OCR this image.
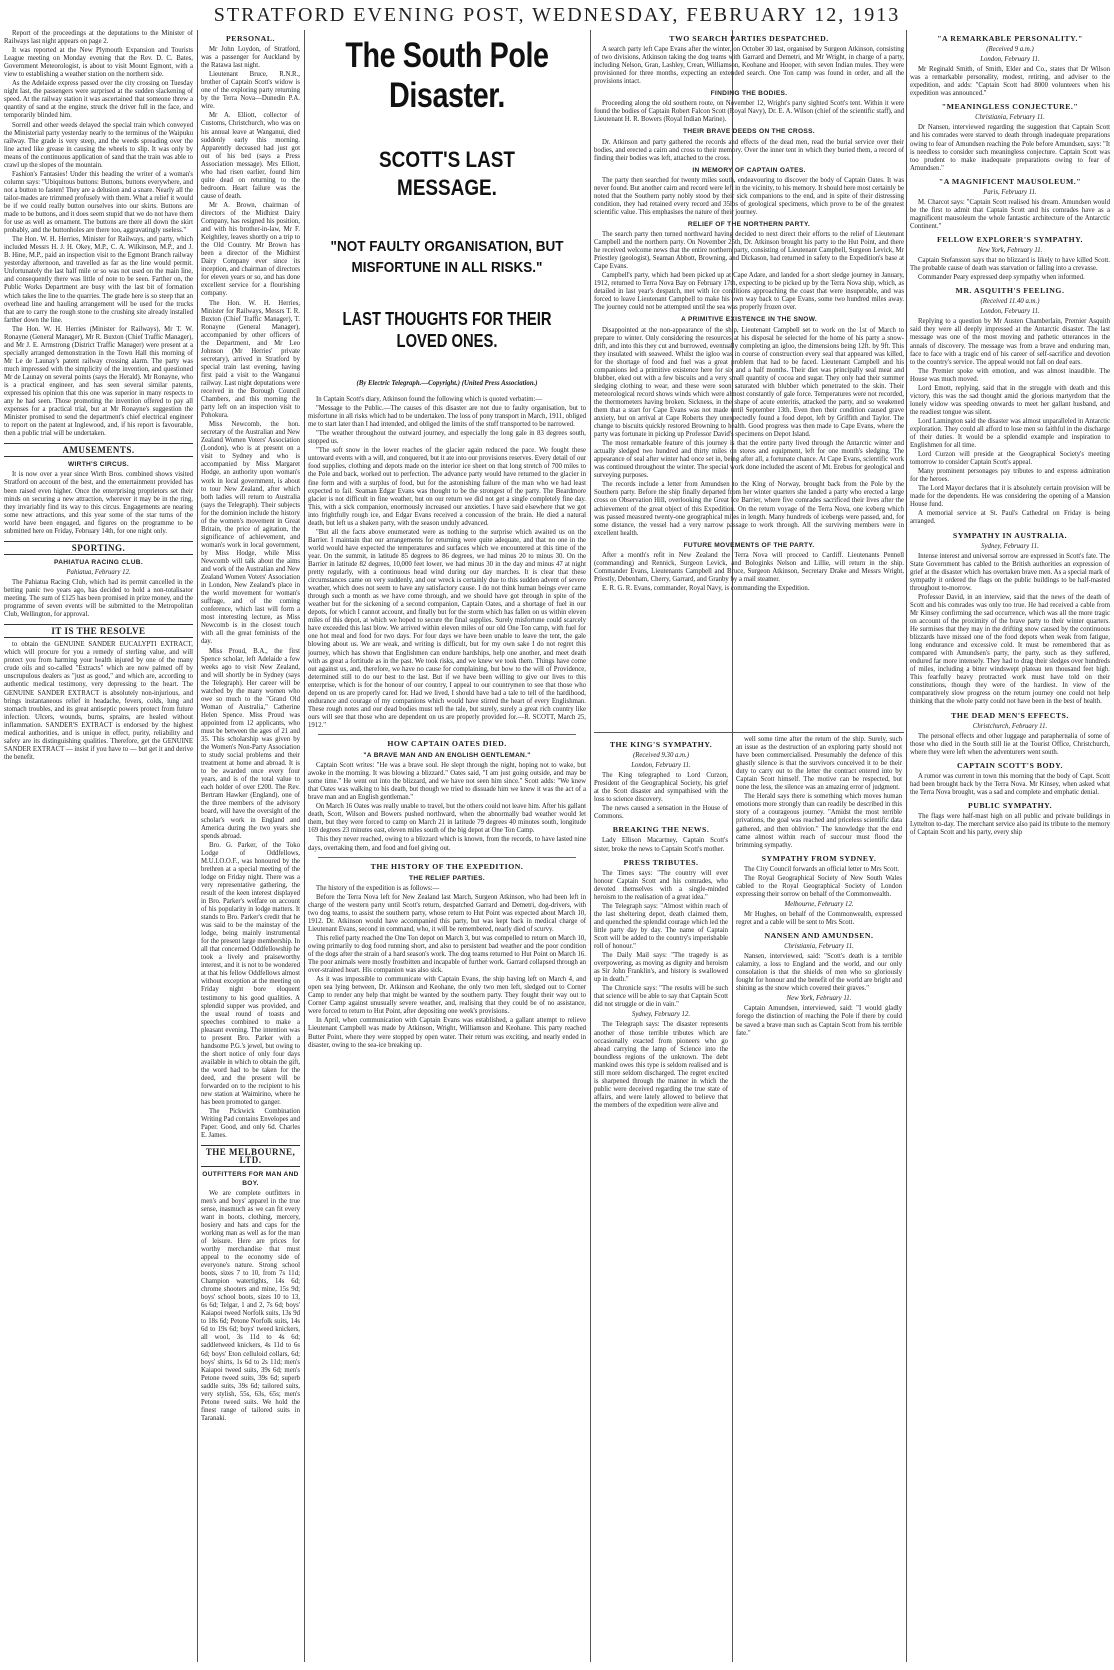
STRATFORD EVENING POST, WEDNESDAY, FEBRUARY 12, 1913

Report of the proceedings at the deputations to the Minister of Railways last night appears on page 2.

It was reported at the New Plymouth Expansion and Tourists League meeting on Monday evening that the Rev. D. C. Bates, Government Meteorologist, is about to visit Mount Egmont, with a view to establishing a weather station on the northern side.

As the Adelaide express passed over the city crossing on Tuesday night last, the passengers were surprised at the sudden slackening of speed. At the railway station it was ascertained that someone threw a quantity of sand at the engine, struck the driver full in the face, and temporarily blinded him.

Sorrell and other weeds delayed the special train which conveyed the Ministerial party yesterday nearly to the terminus of the Waipuku railway. The grade is very steep, and the weeds spreading over the line acted like grease in causing the wheels to slip. It was only by means of the continuous application of sand that the train was able to crawl up the slopes of the mountain.

Fashion's Fantasies! Under this heading the writer of a woman's column says: "Ubiquitous buttons: Buttons, buttons everywhere, and not a button to fasten! They are a delusion and a snare. Nearly all the tailor-mades are trimmed profusely with them. What a relief it would be if we could really button ourselves into our skirts. Buttons are made to be buttons, and it does seem stupid that we do not have them for use as well as ornament. The buttons are there all down the skirt probably, and the buttonholes are there too, aggravatingly useless."

The Hon. W. H. Herries, Minister for Railways, and party, which included Messrs H. J. H. Okey, M.P., C. A. Wilkinson, M.P., and J. B. Hine, M.P., paid an inspection visit to the Egmont Branch railway yesterday afternoon, and travelled as far as the line would permit. Unfortunately the last half mile or so was not used on the main line, and consequently there was little of note to be seen. Farther on, the Public Works Department are busy with the last bit of formation which takes the line to the quarries. The grade here is so steep that an overhead line and hauling arrangement will be used for the trucks that are to carry the rough stone to the crushing site already installed farther down the line.

The Hon. W. H. Herries (Minister for Railways), Mr T. W. Ronayne (General Manager), Mr R. Buxton (Chief Traffic Manager), and Mr J. E. Armstrong (District Traffic Manager) were present at a specially arranged demonstration in the Town Hall this morning of Mr Le de Launay's patent railway crossing alarm. The party was much impressed with the simplicity of the invention, and questioned Mr de Launay on several points (says the Herald). Mr Ronayne, who is a practical engineer, and has seen several similar patents, expressed his opinion that this one was superior in many respects to any he had seen. Those promoting the invention offered to pay all expenses for a practical trial, but at Mr Ronayne's suggestion the Minister promised to send the department's chief electrical engineer to report on the patent at Inglewood, and, if his report is favourable, then a public trial will be undertaken.

AMUSEMENTS.
WIRTH'S CIRCUS.

It is now over a year since Wirth Bros. combined shows visited Stratford on account of the best, and the entertainment provided has been raised even higher. Once the enterprising proprietors set their minds on securing a new attraction, wherever it may be in the ring, they invariably find its way to this circus. Engagements are nearing some new attractions, and this year some of the star turns of the world have been engaged, and figures on the programme to be submitted here on Friday, February 14th, for one night only.

SPORTING.
PAHIATUA RACING CLUB.
Pahiatua, February 12.

The Pahiatua Racing Club, which had its permit cancelled in the betting panic two years ago, has decided to hold a non-totalisator meeting. The sum of £125 has been promised in prize money, and the programme of seven events will be submitted to the Metropolitan Club, Wellington, for approval.

IT IS THE RESOLVE

to obtain the GENUINE SANDER EUCALYPTI EXTRACT, which will procure for you a remedy of sterling value, and will protect you from harming your health injured by one of the many crude oils and so-called "Extracts" which are now palmed off by unscrupulous dealers as "just as good," and which are, according to authentic medical testimony, very depressing to the heart. The GENUINE SANDER EXTRACT is absolutely non-injurious, and brings instantaneous relief in headache, fevers, colds, lung and stomach troubles, and its great antiseptic powers protect from future infection. Ulcers, wounds, burns, sprains, are healed without inflammation. SANDER'S EXTRACT is endorsed by the highest medical authorities, and is unique in effect, purity, reliability and safety are its distinguishing qualities. Therefore, get the GENUINE SANDER EXTRACT — insist if you have to — but get it and derive the benefit.

PERSONAL.

Mr John Loydon, of Stratford, was a passenger for Auckland by the Ratawa last night.

Lieutenant Bruce, R.N.R., brother of Captain Scott's widow is one of the exploring party returning by the Terra Nova—Dunedin P.A. wire.

Mr A. Elliott, collector of Customs, Christchurch, who was on his annual leave at Wanganui, died suddenly early this morning. Apparently deceased had just got out of his bed (says a Press Association message). Mrs Elliott, who had risen earlier, found him quite dead on returning to the bedroom. Heart failure was the cause of death.

Mr A. Brown, chairman of directors of the Midhirst Dairy Company, has resigned his position, and with his brother-in-law, Mr F. Keightley, leaves shortly on a trip to the Old Country. Mr Brown has been a director of the Midhirst Dairy Company ever since its inception, and chairman of directors for eleven years or so, and has done excellent service for a flourishing company.

The Hon. W. H. Herries, Minister for Railways, Messrs T. R. Buxton (Chief Traffic Manager), T. Ronayne (General Manager), accompanied by other officers of the Department, and Mr Leo Johnson (Mr Herries' private secretary), arrived in Stratford by special train last evening, having first paid a visit to the Wanganui railway. Last night deputations were received in the Borough Council Chambers, and this morning the party left on an inspection visit to Pohokura.

Miss Newcomb, the hon. secretary of the Australian and New Zealand Women Voters' Association (London), who is at present on a visit to Sydney and who is accompanied by Miss Margaret Hodge, an authority upon woman's work in local government, is about to tour New Zealand, after which both ladies will return to Australia (says the Telegraph). Their subjects for the dominion include the history of the women's movement in Great Britain, the price of agitation, the significance of achievement, and woman's work in local government, by Miss Hodge, while Miss Newcomb will talk about the aims and work of the Australian and New Zealand Women Voters' Association in London, New Zealand's place in the world movement for woman's suffrage, and of the coming conference, which last will form a most interesting lecture, as Miss Newcomb is in the closest touch with all the great feminists of the day.

Miss Proud, B.A., the first Spence scholar, left Adelaide a few weeks ago to visit New Zealand, and will shortly be in Sydney (says the Telegraph). Her career will be watched by the many women who owe so much to the "Grand Old Woman of Australia," Catherine Helen Spence. Miss Proud was appointed from 12 applicants, who must be between the ages of 21 and 35. This scholarship was given by the Women's Non-Party Association to study social problems and their treatment at home and abroad. It is to be awarded once every four years, and is of the total value to each holder of over £200. The Rev. Bertram Hawker (England), one of the three members of the advisory board, will have the oversight of the scholar's work in England and America during the two years she spends abroad.

Bro. G. Parker, of the Toko Lodge of Oddfellows, M.U.I.O.O.F., was honoured by the brethren at a special meeting of the lodge on Friday night. There was a very representative gathering, the result of the keen interest displayed in Bro. Parker's welfare on account of his popularity in lodge matters. It stands to Bro. Parker's credit that he was said to be the mainstay of the lodge, being mainly instrumental for the present large membership. In all that concerned Oddfellowship he took a lively and praiseworthy interest, and it is not to be wondered at that his fellow Oddfellows almost without exception at the meeting on Friday night bore eloquent testimony to his good qualities. A splendid supper was provided, and the usual round of toasts and speeches combined to make a pleasant evening. The intention was to present Bro. Parker with a handsome P.G.'s jewel, but owing to the short notice of only four days available in which to obtain the gift, the word had to be taken for the deed, and the present will be forwarded on to the recipient to his new station at Waimirino, where he has been promoted to ganger.

The Pickwick Combination Writing Pad contains Envelopes and Paper. Good, and only 6d. Charles E. James.

THE MELBOURNE, LTD.
OUTFITTERS FOR MAN AND BOY.

We are complete outfitters in men's and boys' apparel in the true sense, inasmuch as we can fit every want in boots, clothing, mercery, hosiery and hats and caps for the working man as well as for the man of leisure. Here are prices for worthy merchandise that must appeal to the economy side of everyone's nature. Strong school boots, sizes 7 to 10, from 7s 11d; Champion watertights, 14s 6d; chrome shooters and mine, 15s 9d; boys' school boots, sizes 10 to 13, 6s 6d; Telgar, 1 and 2, 7s 6d; boys' Kaiapoi tweed Norfolk suits, 13s 9d to 18s 6d; Petone Norfolk suits, 14s 6d to 19s 6d; boys' tweed knickers, all wool, 3s 11d to 4s 6d; saddletweed knickers, 4s 11d to 6s 6d; boys' Eton celluloid collars, 6d; boys' shirts, 1s 6d to 2s 11d; men's Kaiapoi tweed suits, 39s 6d; men's Petone tweed suits, 39s 6d; superb saddle suits, 39s 6d; tailored suits, very stylish, 55s, 63s, 65s; men's Petone tweed suits. We hold the finest range of tailored suits in Taranaki.

The South Pole Disaster.
SCOTT'S LAST MESSAGE.
"NOT FAULTY ORGANISATION, BUT MISFORTUNE IN ALL RISKS."
LAST THOUGHTS FOR THEIR LOVED ONES.
(By Electric Telegraph.—Copyright.) (United Press Association.)

In Captain Scott's diary, Atkinson found the following which is quoted verbatim:—

"Message to the Public.—The causes of this disaster are not due to faulty organisation, but to misfortune in all risks which had to be undertaken. The loss of pony transport in March, 1911, obliged me to start later than I had intended, and obliged the limits of the stuff transported to be narrowed.

"The weather throughout the outward journey, and especially the long gale in 83 degrees south, stopped us.

"The soft snow in the lower reaches of the glacier again reduced the pace. We fought these untoward events with a will, and conquered, but it ate into our provisions reserves. Every detail of our food supplies, clothing and depots made on the interior ice sheet on that long stretch of 700 miles to the Pole and back, worked out to perfection. The advance party would have returned to the glacier in fine form and with a surplus of food, but for the astonishing failure of the man who we had least expected to fail. Seaman Edgar Evans was thought to be the strongest of the party. The Beardmore glacier is not difficult in fine weather, but on our return we did not get a single completely fine day. This, with a sick companion, enormously increased our anxieties. I have said elsewhere that we got into frightfully rough ice, and Edgar Evans received a concussion of the brain. He died a natural death, but left us a shaken party, with the season unduly advanced.

"But all the facts above enumerated were as nothing to the surprise which awaited us on the Barrier. I maintain that our arrangements for returning were quite adequate, and that no one in the world would have expected the temperatures and surfaces which we encountered at this time of the year. On the summit, in latitude 85 degrees to 86 degrees, we had minus 20 to minus 30. On the Barrier in latitude 82 degrees, 10,000 feet lower, we had minus 30 in the day and minus 47 at night pretty regularly, with a continuous head wind during our day marches. It is clear that these circumstances came on very suddenly, and our wreck is certainly due to this sudden advent of severe weather, which does not seem to have any satisfactory cause. I do not think human beings ever came through such a month as we have come through, and we should have got through in spite of the weather but for the sickening of a second companion, Captain Oates, and a shortage of fuel in our depots, for which I cannot account, and finally but for the storm which has fallen on us within eleven miles of this depot, at which we hoped to secure the final supplies. Surely misfortune could scarcely have exceeded this last blow. We arrived within eleven miles of our old One Ton camp, with fuel for one hot meal and food for two days. For four days we have been unable to leave the tent, the gale blowing about us. We are weak, and writing is difficult, but for my own sake I do not regret this journey, which has shown that Englishmen can endure hardships, help one another, and meet death with as great a fortitude as in the past. We took risks, and we knew we took them. Things have come out against us, and, therefore, we have no cause for complaining, but bow to the will of Providence, determined still to do our best to the last. But if we have been willing to give our lives to this enterprise, which is for the honour of our country, I appeal to our countrymen to see that those who depend on us are properly cared for. Had we lived, I should have had a tale to tell of the hardihood, endurance and courage of my companions which would have stirred the heart of every Englishman. These rough notes and our dead bodies must tell the tale, but surely, surely a great rich country like ours will see that those who are dependent on us are properly provided for.—R. SCOTT, March 25, 1912."

HOW CAPTAIN OATES DIED.
"A BRAVE MAN AND AN ENGLISH GENTLEMAN."

Captain Scott writes: "He was a brave soul. He slept through the night, hoping not to wake, but awoke in the morning. It was blowing a blizzard." Oates said, "I am just going outside, and may be some time." He went out into the blizzard, and we have not seen him since." Scott adds: "We knew that Oates was walking to his death, but though we tried to dissuade him we knew it was the act of a brave man and an English gentleman."

On March 16 Oates was really unable to travel, but the others could not leave him. After his gallant death, Scott, Wilson and Bowers pushed northward, when the abnormally bad weather would let them, but they were forced to camp on March 21 in latitude 79 degrees 40 minutes south, longitude 169 degrees 23 minutes east, eleven miles south of the big depot at One Ton Camp.

This they never reached, owing to a blizzard which is known, from the records, to have lasted nine days, overtaking them, and food and fuel giving out.

THE HISTORY OF THE EXPEDITION.
THE RELIEF PARTIES.

The history of the expedition is as follows:—

Before the Terra Nova left for New Zealand last March, Surgeon Atkinson, who had been left in charge of the western party until Scott's return, despatched Garrard and Demetri, dog-drivers, with two dog teams, to assist the southern party, whose return to Hut Point was expected about March 10, 1912. Dr. Atkinson would have accompanied this party, but was kept back in medical charge of Lieutenant Evans, second in command, who, it will be remembered, nearly died of scurvy.

This relief party reached the One Ton depot on March 3, but was compelled to return on March 10, owing primarily to dog food running short, and also to persistent bad weather and the poor condition of the dogs after the strain of a hard season's work. The dog teams returned to Hut Point on March 16. The poor animals were mostly frostbitten and incapable of further work. Garrard collapsed through an over-strained heart. His companion was also sick.

As it was impossible to communicate with Captain Evans, the ship having left on March 4, and open sea lying between, Dr. Atkinson and Keohane, the only two men left, sledged out to Corner Camp to render any help that might be wanted by the southern party. They fought their way out to Corner Camp against unusually severe weather, and, realising that they could be of no assistance, were forced to return to Hut Point, after depositing one week's provisions.

In April, when communication with Captain Evans was established, a gallant attempt to relieve Lieutenant Campbell was made by Atkinson, Wright, Williamson and Keohane. This party reached Butter Point, where they were stopped by open water. Their return was exciting, and nearly ended in disaster, owing to the sea-ice breaking up.

TWO SEARCH PARTIES DESPATCHED.

A search party left Cape Evans after the winter, on October 30 last, organised by Surgeon Atkinson, consisting of two divisions, Atkinson taking the dog teams with Garrard and Demetri, and Mr Wright, in charge of a party, including Nelson, Gran, Lashley, Crean, Williamson, Keohane and Hooper, with seven Indian mules. They were provisioned for three months, expecting an extended search. One Ton camp was found in order, and all the provisions intact.

FINDING THE BODIES.

Proceeding along the old southern route, on November 12, Wright's party sighted Scott's tent. Within it were found the bodies of Captain Robert Falcon Scott (Royal Navy), Dr. E. A. Wilson (chief of the scientific staff), and Lieutenant H. R. Bowers (Royal Indian Marine).

THEIR BRAVE DEEDS ON THE CROSS.

Dr. Atkinson and party gathered the records and effects of the dead men, read the burial service over their bodies, and erected a cairn and cross to their memory. Over the inner tent in which they buried them, a record of finding their bodies was left, attached to the cross.

IN MEMORY OF CAPTAIN OATES.

The party then searched for twenty miles south, endeavouring to discover the body of Captain Oates. It was never found. But another cairn and record were left in the vicinity, to his memory. It should here most certainly be noted that the Southern party nobly stood by their sick companions to the end, and in spite of their distressing condition, they had retained every record and 35lbs of geological specimens, which prove to be of the greatest scientific value. This emphasises the nature of their journey.

RELIEF OF THE NORTHERN PARTY.

The search party then turned northward having decided to next direct their efforts to the relief of Lieutenant Campbell and the northern party. On November 25th, Dr. Atkinson brought his party to the Hut Point, and there he received welcome news that the entire northern party, consisting of Lieutenant Campbell, Surgeon Levick, Mr Priestley (geologist), Seaman Abbott, Browning, and Dickason, had returned in safety to the Expedition's base at Cape Evans.

Campbell's party, which had been picked up at Cape Adare, and landed for a short sledge journey in January, 1912, returned to Terra Nova Bay on February 17th, expecting to be picked up by the Terra Nova ship, which, as detailed in last year's despatch, met with ice conditions approaching the coast that were insuperable, and was forced to leave Lieutenant Campbell to make his own way back to Cape Evans, some two hundred miles away. The journey could not be attempted until the sea was properly frozen over.

A PRIMITIVE EXISTENCE IN THE SNOW.

Disappointed at the non-appearance of the ship, Lieutenant Campbell set to work on the 1st of March to prepare to winter. Only considering the resources at his disposal he selected for the home of his party a snow-drift, and into this they cut and burrowed, eventually completing an igloo, the dimensions being 12ft. by 9ft. This they insulated with seaweed. Whilst the igloo was in course of construction every seal that appeared was killed, for the shortage of food and fuel was a great problem that had to be faced. Lieutenant Campbell and his companions led a primitive existence here for six and a half months. Their diet was principally seal meat and blubber, eked out with a few biscuits and a very small quantity of cocoa and sugar. They only had their summer sledging clothing to wear, and these were soon saturated with blubber which penetrated to the skin. Their meteorological record shows winds which were almost constantly of gale force. Temperatures were not recorded, the thermometers having broken. Sickness, in the shape of acute enteritis, attacked the party, and so weakened them that a start for Cape Evans was not made until September 13th. Even then their condition caused grave anxiety, but on arrival at Cape Roberts they unexpectedly found a food depot, left by Griffith and Taylor. The change to biscuits quickly restored Browning to health. Good progress was then made to Cape Evans, where the party was fortunate in picking up Professor David's specimens on Depot Island.

The most remarkable feature of this journey is that the entire party lived through the Antarctic winter and actually sledged two hundred and thirty miles on stores and equipment, left for one month's sledging. The appearance of seal after winter had once set in, being after all, a fortunate chance. At Cape Evans, scientific work was continued throughout the winter. The special work done included the ascent of Mt. Erebus for geological and surveying purposes.

The records include a letter from Amundsen to the King of Norway, brought back from the Pole by the Southern party. Before the ship finally departed from her winter quarters she landed a party who erected a large cross on Observation Hill, overlooking the Great Ice Barrier, where five comrades sacrificed their lives after the achievement of the great object of this Expedition. On the return voyage of the Terra Nova, one iceberg which was passed measured twenty-one geographical miles in length. Many hundreds of icebergs were passed, and, for some distance, the vessel had a very narrow passage to work through. All the surviving members were in excellent health.

FUTURE MOVEMENTS OF THE PARTY.

After a month's refit in New Zealand the Terra Nova will proceed to Cardiff. Lieutenants Pennell (commanding) and Rennick, Surgeon Levick, and Bologinks Nelson and Lillie, will return in the ship. Commander Evans, Lieutenants Campbell and Bruce, Surgeon Atkinson, Secretary Drake and Messrs Wright, Priestly, Debenham, Cherry, Garrard, and Granby by a mail steamer.

E. R. G. R. Evans, commander, Royal Navy, is commanding the Expedition.

THE KING'S SYMPATHY.
(Received 9.30 a.m.)
London, February 11.

The King telegraphed to Lord Curzon, President of the Geographical Society, his grief at the Scott disaster and sympathised with the loss to science discovery.

The news caused a sensation in the House of Commons.

BREAKING THE NEWS.

Lady Ellison Macartney, Captain Scott's sister, broke the news to Captain Scott's mother.

PRESS TRIBUTES.

The Times says: "The country will ever honour Captain Scott and his comrades, who devoted themselves with a single-minded heroism to the realisation of a great idea."

The Telegraph says: "Almost within reach of the last sheltering depot, death claimed them, and quenched the splendid courage which led the little party day by day. The name of Captain Scott will be added to the country's imperishable roll of honour."

The Daily Mail says: "The tragedy is as overpowering, as moving as dignity and heroism as Sir John Franklin's, and history is swallowed up in death."

The Chronicle says: "The results will be such that science will be able to say that Captain Scott did not struggle or die in vain."

Sydney, February 12.

The Telegraph says: The disaster represents another of those terrible tributes which are occasionally exacted from pioneers who go ahead carrying the lamp of Science into the boundless regions of the unknown. The debt mankind owes this type is seldom realised and is still more seldom discharged. The regret excited is sharpened through the manner in which the public were deceived regarding the true state of affairs, and were lately allowed to believe that the members of the expedition were alive and

well some time after the return of the ship. Surely, such an issue as the destruction of an exploring party should not have been commercialised. Presumably the defence of this ghastly silence is that the survivors conceived it to be their duty to carry out to the letter the contract entered into by Captain Scott himself. The motive can be respected, but none the less, the silence was an amazing error of judgment.

The Herald says there is something which moves human emotions more strongly than can readily be described in this story of a courageous journey. "Amidst the most terrible privations, the goal was reached and priceless scientific data gathered, and then oblivion." The knowledge that the end came almost within reach of succour must flood the brimming sympathy.

SYMPATHY FROM SYDNEY.

The City Council forwards an official letter to Mrs Scott.

The Royal Geographical Society of New South Wales cabled to the Royal Geographical Society of London expressing their sorrow on behalf of the Commonwealth.

Melbourne, February 12.

Mr Hughes, on behalf of the Commonwealth, expressed regret and a cable will be sent to Mrs Scott.

NANSEN AND AMUNDSEN.
Christiania, February 11.

Nansen, interviewed, said: "Scott's death is a terrible calamity, a loss to England and the world, and our only consolation is that the shields of men who so gloriously fought for honour and the benefit of the world are bright and shining as the snow which covered their graves."

New York, February 11.

Captain Amundsen, interviewed, said: "I would gladly forego the distinction of reaching the Pole if there by could be saved a brave man such as Captain Scott from his terrible fate."

"A REMARKABLE PERSONALITY."
(Received 9 a.m.)
London, February 11.

Mr Reginald Smith, of Smith, Elder and Co., states that Dr Wilson was a remarkable personality, modest, retiring, and adviser to the expedition, and adds: "Captain Scott had 8000 volunteers when his expedition was announced."

"MEANINGLESS CONJECTURE."
Christiania, February 11.

Dr Nansen, interviewed regarding the suggestion that Captain Scott and his comrades were starved to death through inadequate preparations owing to fear of Amundsen reaching the Pole before Amundsen, says: "It is needless to consider such meaningless conjecture. Captain Scott was too prudent to make inadequate preparations owing to fear of Amundsen."

"A MAGNIFICENT MAUSOLEUM."
Paris, February 11.

M. Charcot says: "Captain Scott realised his dream. Amundsen would be the first to admit that Captain Scott and his comrades have as a magnificent mausoleum the whole fantastic architecture of the Antarctic Continent."

FELLOW EXPLORER'S SYMPATHY.
New York, February 11.

Captain Stefansson says that no blizzard is likely to have killed Scott. The probable cause of death was starvation or falling into a crevasse.

Commander Peary expressed deep sympathy when informed.

MR. ASQUITH'S FEELING.
(Received 11.40 a.m.)
London, February 11.

Replying to a question by Mr Austen Chamberlain, Premier Asquith said they were all deeply impressed at the Antarctic disaster. The last message was one of the most moving and pathetic utterances in the annals of discovery. The message was from a brave and enduring man, face to face with a tragic end of his career of self-sacrifice and devotion to the country's service. The appeal would not fall on deaf ears.

The Premier spoke with emotion, and was almost inaudible. The House was much moved.

Lord Emott, replying, said that in the struggle with death and this victory, this was the sad thought amid the glorious martyrdom that the lonely widow was speeding onwards to meet her gallant husband, and the readiest tongue was silent.

Lord Lamington said the disaster was almost unparalleled in Antarctic exploration. They could all afford to lose men so faithful in the discharge of their duties. It would be a splendid example and inspiration to Englishmen for all time.

Lord Curzon will preside at the Geographical Society's meeting tomorrow to consider Captain Scott's appeal.

Many prominent personages pay tributes to and express admiration for the heroes.

The Lord Mayor declares that it is absolutely certain provision will be made for the dependents. He was considering the opening of a Mansion House fund.

A memorial service at St. Paul's Cathedral on Friday is being arranged.

SYMPATHY IN AUSTRALIA.
Sydney, February 11.

Intense interest and universal sorrow are expressed in Scott's fate. The State Government has cabled to the British authorities an expression of grief at the disaster which has overtaken brave men. As a special mark of sympathy it ordered the flags on the public buildings to be half-masted throughout to-morrow.

Professor David, in an interview, said that the news of the death of Scott and his comrades was only too true. He had received a cable from Mr Kinsey confirming the sad occurrence, which was all the more tragic on account of the proximity of the brave party to their winter quarters. He surmises that they may in the drifting snow caused by the continuous blizzards have missed one of the food depots when weak from fatigue, long endurance and excessive cold. It must be remembered that as compared with Amundsen's party, the party, such as they suffered, endured far more intensely. They had to drag their sledges over hundreds of miles, including a bitter windswept plateau ten thousand feet high. This fearfully heavy protracted work must have told on their constitutions, though they were of the hardiest. In view of the comparatively slow progress on the return journey one could not help thinking that the whole party could not have been in the best of health.

THE DEAD MEN'S EFFECTS.
Christchurch, February 11.

The personal effects and other luggage and paraphernalia of some of those who died in the South still lie at the Tourist Office, Christchurch, where they were left when the adventurers went south.

CAPTAIN SCOTT'S BODY.

A rumor was current in town this morning that the body of Capt. Scott had been brought back by the Terra Nova. Mr Kinsey, when asked what the Terra Nova brought, was a sad and complete and emphatic denial.

PUBLIC SYMPATHY.

The flags were half-mast high on all public and private buildings in Lyttelton to-day. The merchant service also paid its tribute to the memory of Captain Scott and his party, every ship
